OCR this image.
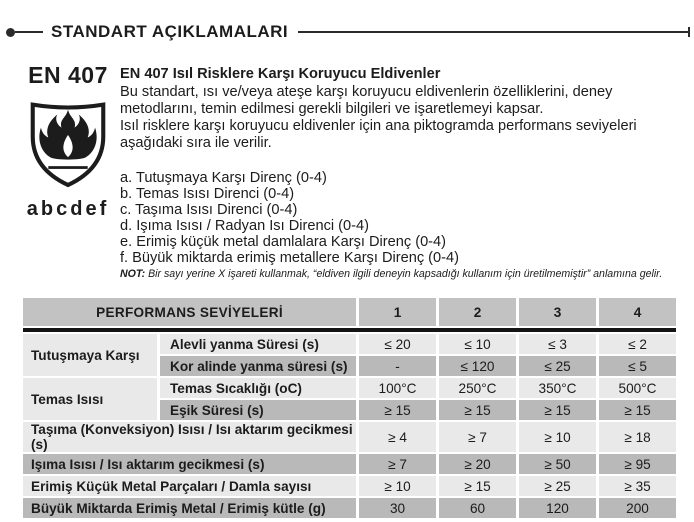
STANDART AÇIKLAMALARI
EN 407
abcdef
EN 407 Isıl Risklere Karşı Koruyucu Eldivenler

Bu standart, ısı ve/veya ateşe karşı koruyucu eldivenlerin özelliklerini, deney metodlarını, temin edilmesi gerekli bilgileri ve işaretlemeyi kapsar.

Isıl risklere karşı koruyucu eldivenler için ana piktogramda performans seviyeleri aşağıdaki sıra ile verilir.

a. Tutuşmaya Karşı Direnç (0-4)
b. Temas Isısı Direnci (0-4)
c. Taşıma Isısı Direnci (0-4)
d. Işıma Isısı / Radyan Isı Direnci (0-4)
e. Erimiş küçük metal damlalara Karşı Direnç (0-4)
f. Büyük miktarda erimiş metallere Karşı Direnç (0-4)
NOT: Bir sayı yerine X işareti kullanmak, “eldiven ilgili deneyin kapsadığı kullanım için üretilmemiştir” anlamına gelir.
PERFORMANS SEVİYELERİ		1	2	3	4

Tutuşmaya Karşı	Alevli yanma Süresi (s)	≤ 20	≤ 10	≤ 3	≤ 2
	Kor alinde yanma süresi (s)	-	≤ 120	≤ 25	≤ 5
Temas Isısı	Temas Sıcaklığı (oC)	100°C	250°C	350°C	500°C
	Eşik Süresi (s)	≥ 15	≥ 15	≥ 15	≥ 15
Taşıma (Konveksiyon) Isısı / Isı aktarım gecikmesi (s)		≥ 4	≥ 7	≥ 10	≥ 18
Işıma Isısı / Isı aktarım gecikmesi (s)		≥ 7	≥ 20	≥ 50	≥ 95
Erimiş Küçük Metal Parçaları / Damla sayısı		≥ 10	≥ 15	≥ 25	≥ 35
Büyük Miktarda Erimiş Metal / Erimiş kütle (g)		30	60	120	200
